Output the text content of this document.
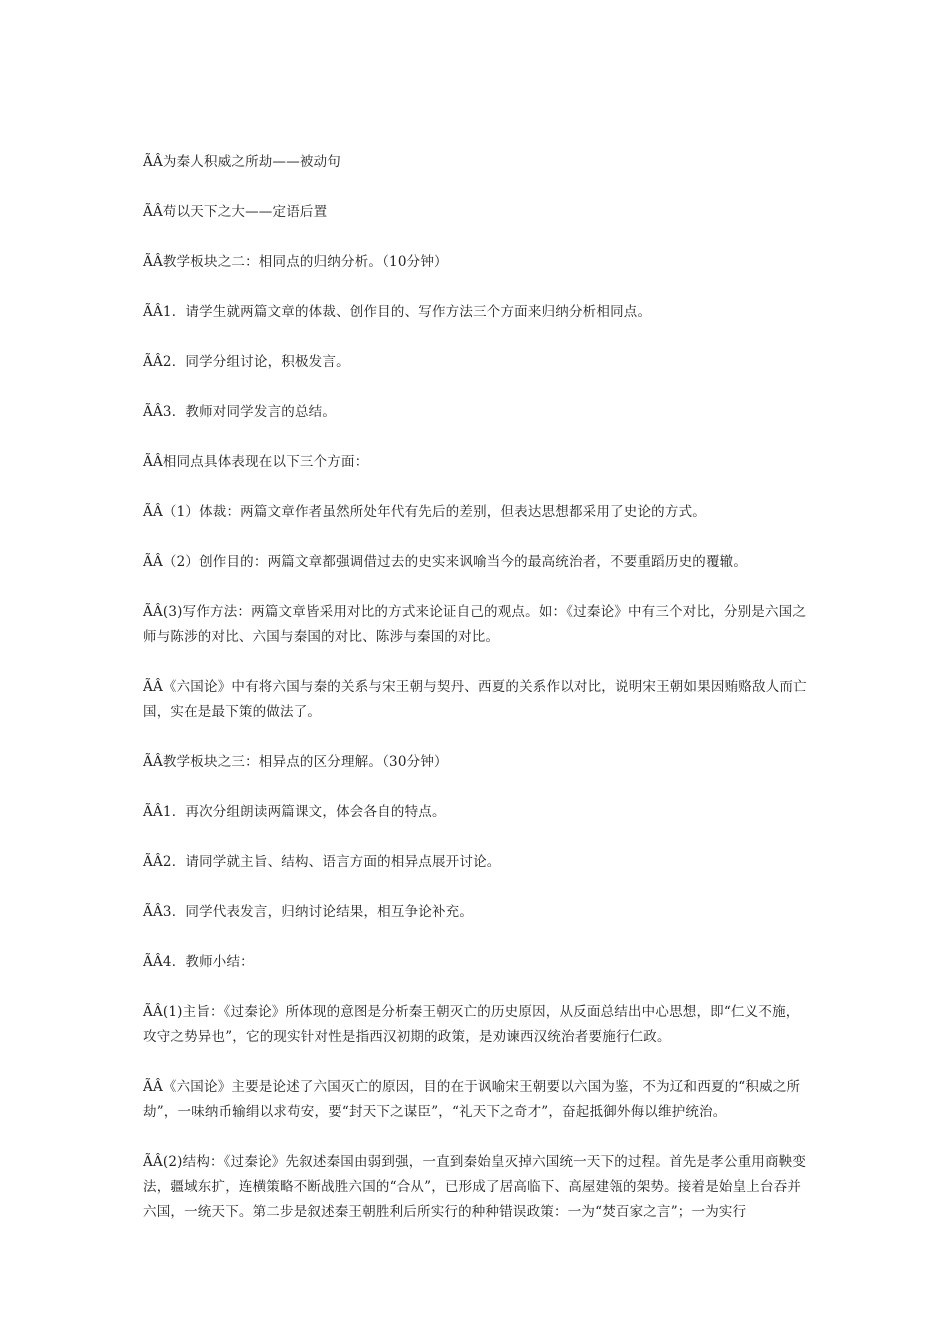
ÃÂ为秦人积威之所劫——被动句

ÃÂ苟以天下之大——定语后置

ÃÂ教学板块之二：相同点的归纳分析。（10分钟）

ÃÂ1．请学生就两篇文章的体裁、创作目的、写作方法三个方面来归纳分析相同点。

ÃÂ2．同学分组讨论，积极发言。

ÃÂ3．教师对同学发言的总结。

ÃÂ相同点具体表现在以下三个方面：

ÃÂ（1）体裁：两篇文章作者虽然所处年代有先后的差别，但表达思想都采用了史论的方式。

ÃÂ（2）创作目的：两篇文章都强调借过去的史实来讽喻当今的最高统治者，不要重蹈历史的覆辙。

ÃÂ(3)写作方法：两篇文章皆采用对比的方式来论证自己的观点。如：《过秦论》中有三个对比，分别是六国之师与陈涉的对比、六国与秦国的对比、陈涉与秦国的对比。

ÃÂ《六国论》中有将六国与秦的关系与宋王朝与契丹、西夏的关系作以对比，说明宋王朝如果因贿赂敌人而亡国，实在是最下策的做法了。

ÃÂ教学板块之三：相异点的区分理解。（30分钟）

ÃÂ1．再次分组朗读两篇课文，体会各自的特点。

ÃÂ2．请同学就主旨、结构、语言方面的相异点展开讨论。

ÃÂ3．同学代表发言，归纳讨论结果，相互争论补充。

ÃÂ4．教师小结：

ÃÂ(1)主旨：《过秦论》所体现的意图是分析秦王朝灭亡的历史原因，从反面总结出中心思想，即“仁义不施，攻守之势异也”，它的现实针对性是指西汉初期的政策，是劝谏西汉统治者要施行仁政。

ÃÂ《六国论》主要是论述了六国灭亡的原因，目的在于讽喻宋王朝要以六国为鉴，不为辽和西夏的“积威之所劫”，一味纳币输绢以求苟安，要“封天下之谋臣”，“礼天下之奇才”，奋起抵御外侮以维护统治。

ÃÂ(2)结构：《过秦论》先叙述秦国由弱到强，一直到秦始皇灭掉六国统一天下的过程。首先是孝公重用商鞅变法，疆域东扩，连横策略不断战胜六国的“合从”，已形成了居高临下、高屋建瓴的架势。接着是始皇上台吞并六国，一统天下。第二步是叙述秦王朝胜利后所实行的种种错误政策：一为“焚百家之言”；一为实行
